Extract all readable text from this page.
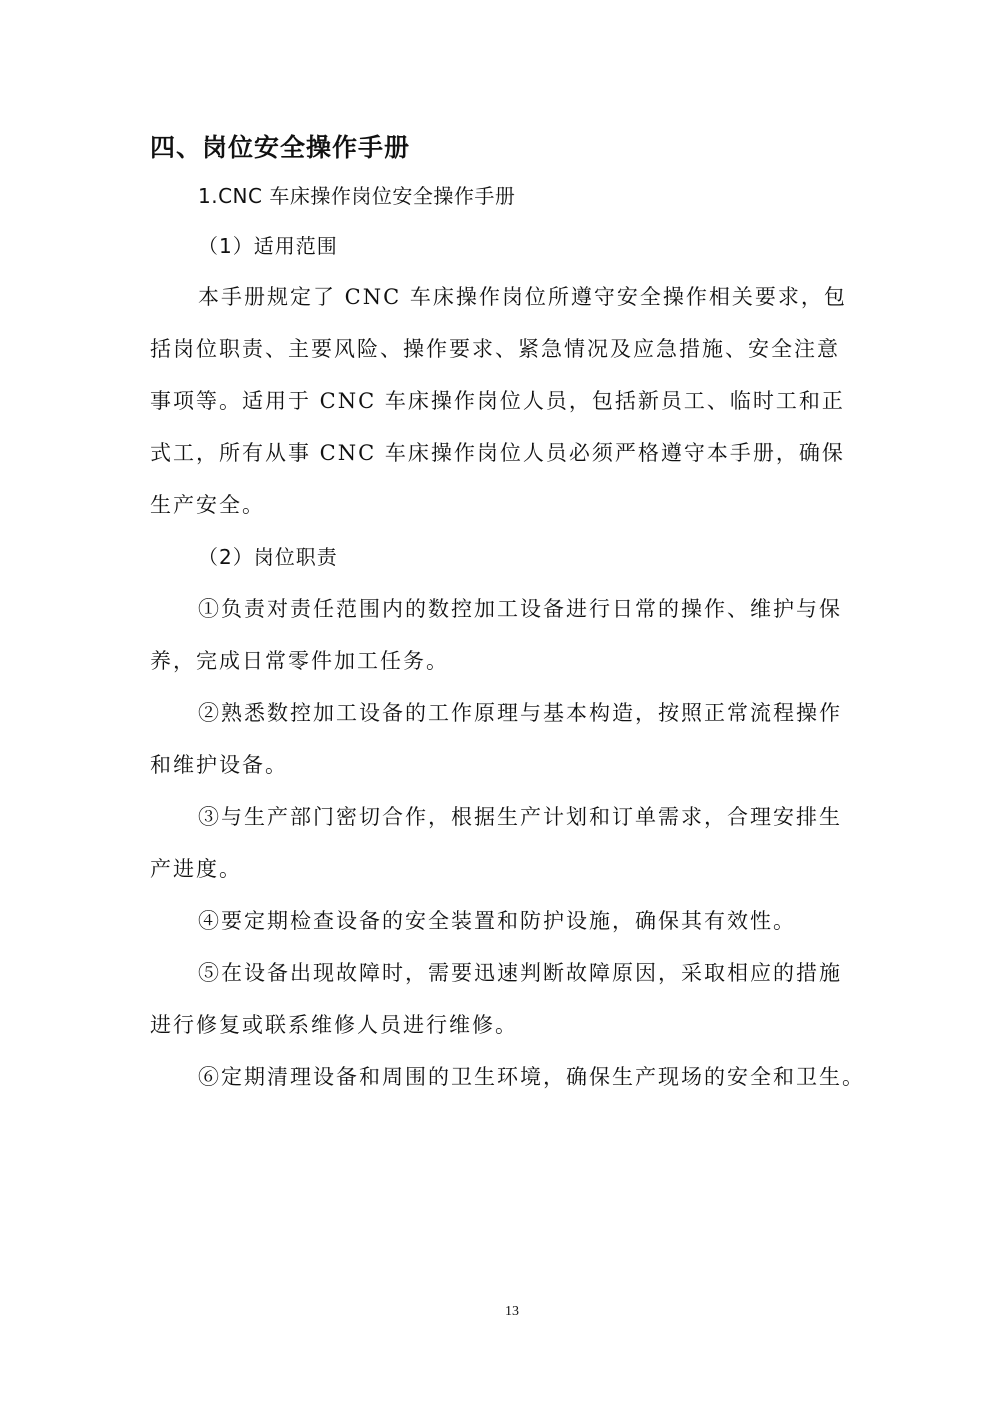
四、岗位安全操作手册
1.CNC 车床操作岗位安全操作手册
（1）适用范围
本手册规定了 CNC 车床操作岗位所遵守安全操作相关要求，包
括岗位职责、主要风险、操作要求、紧急情况及应急措施、安全注意
事项等。适用于 CNC 车床操作岗位人员，包括新员工、临时工和正
式工，所有从事 CNC 车床操作岗位人员必须严格遵守本手册，确保
生产安全。
（2）岗位职责
①负责对责任范围内的数控加工设备进行日常的操作、维护与保
养，完成日常零件加工任务。
②熟悉数控加工设备的工作原理与基本构造，按照正常流程操作
和维护设备。
③与生产部门密切合作，根据生产计划和订单需求，合理安排生
产进度。
④要定期检查设备的安全装置和防护设施，确保其有效性。
⑤在设备出现故障时，需要迅速判断故障原因，采取相应的措施
进行修复或联系维修人员进行维修。
⑥定期清理设备和周围的卫生环境，确保生产现场的安全和卫生。
13
